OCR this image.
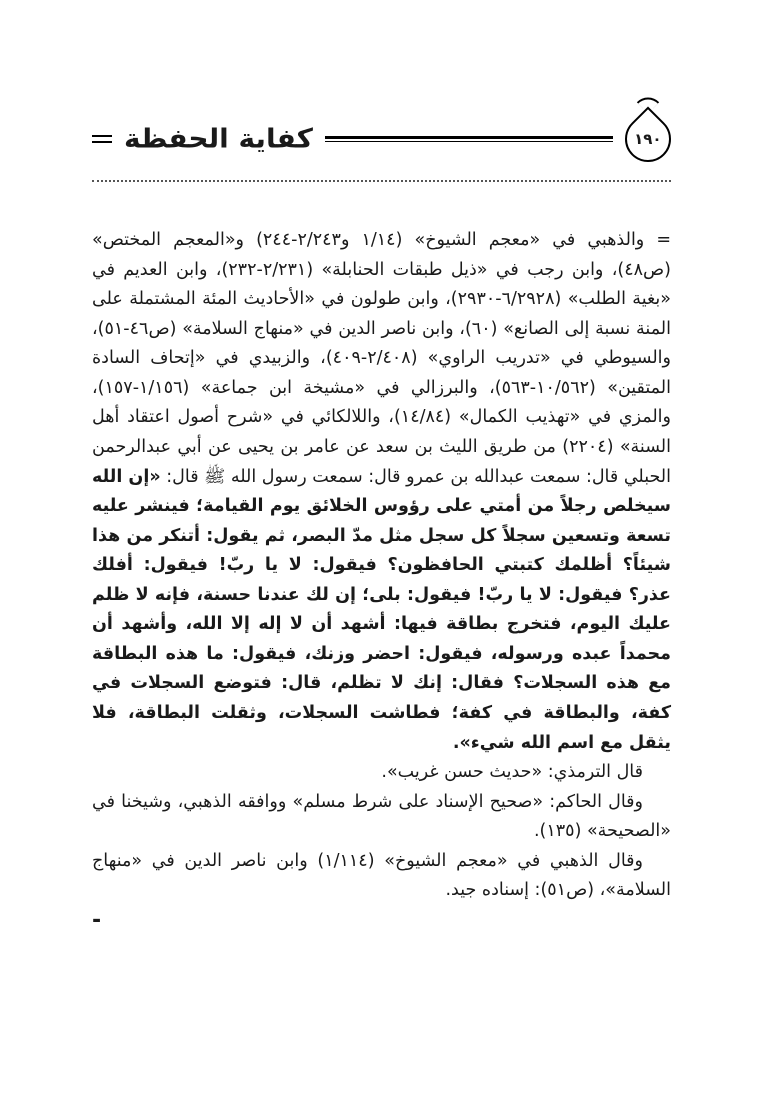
١٩٠
كفاية الحفظة

= والذهبي في «معجم الشيوخ» (١/١٤ و٢/٢٤٣-٢٤٤) و«المعجم المختص» (ص٤٨)، وابن رجب في «ذيل طبقات الحنابلة» (٢/٢٣١-٢٣٢)، وابن العديم في «بغية الطلب» (٦/٢٩٢٨-٢٩٣٠)، وابن طولون في «الأحاديث المئة المشتملة على المنة نسبة إلى الصانع» (٦٠)، وابن ناصر الدين في «منهاج السلامة» (ص٤٦-٥١)، والسيوطي في «تدريب الراوي» (٢/٤٠٨-٤٠٩)، والزبيدي في «إتحاف السادة المتقين» (١٠/٥٦٢-٥٦٣)، والبرزالي في «مشيخة ابن جماعة» (١/١٥٦-١٥٧)، والمزي في «تهذيب الكمال» (١٤/٨٤)، واللالكائي في «شرح أصول اعتقاد أهل السنة» (٢٢٠٤) من طريق الليث بن سعد عن عامر بن يحيى عن أبي عبدالرحمن الحبلي قال: سمعت عبدالله بن عمرو قال: سمعت رسول الله ﷺ قال: «إن الله سيخلص رجلاً من أمتي على رؤوس الخلائق يوم القيامة؛ فينشر عليه تسعة وتسعين سجلاً كل سجل مثل مدّ البصر، ثم يقول: أتنكر من هذا شيئاً؟ أظلمك كتبتي الحافظون؟ فيقول: لا يا ربّ! فيقول: أفلك عذر؟ فيقول: لا يا ربّ! فيقول: بلى؛ إن لك عندنا حسنة، فإنه لا ظلم عليك اليوم، فتخرج بطاقة فيها: أشهد أن لا إله إلا الله، وأشهد أن محمداً عبده ورسوله، فيقول: احضر وزنك، فيقول: ما هذه البطاقة مع هذه السجلات؟ فقال: إنك لا تظلم، قال: فتوضع السجلات في كفة، والبطاقة في كفة؛ فطاشت السجلات، وثقلت البطاقة، فلا يثقل مع اسم الله شيء».

قال الترمذي: «حديث حسن غريب».

وقال الحاكم: «صحيح الإسناد على شرط مسلم» ووافقه الذهبي، وشيخنا في «الصحيحة» (١٣٥).

وقال الذهبي في «معجم الشيوخ» (١/١١٤) وابن ناصر الدين في «منهاج السلامة»، (ص٥١): إسناده جيد.

-
